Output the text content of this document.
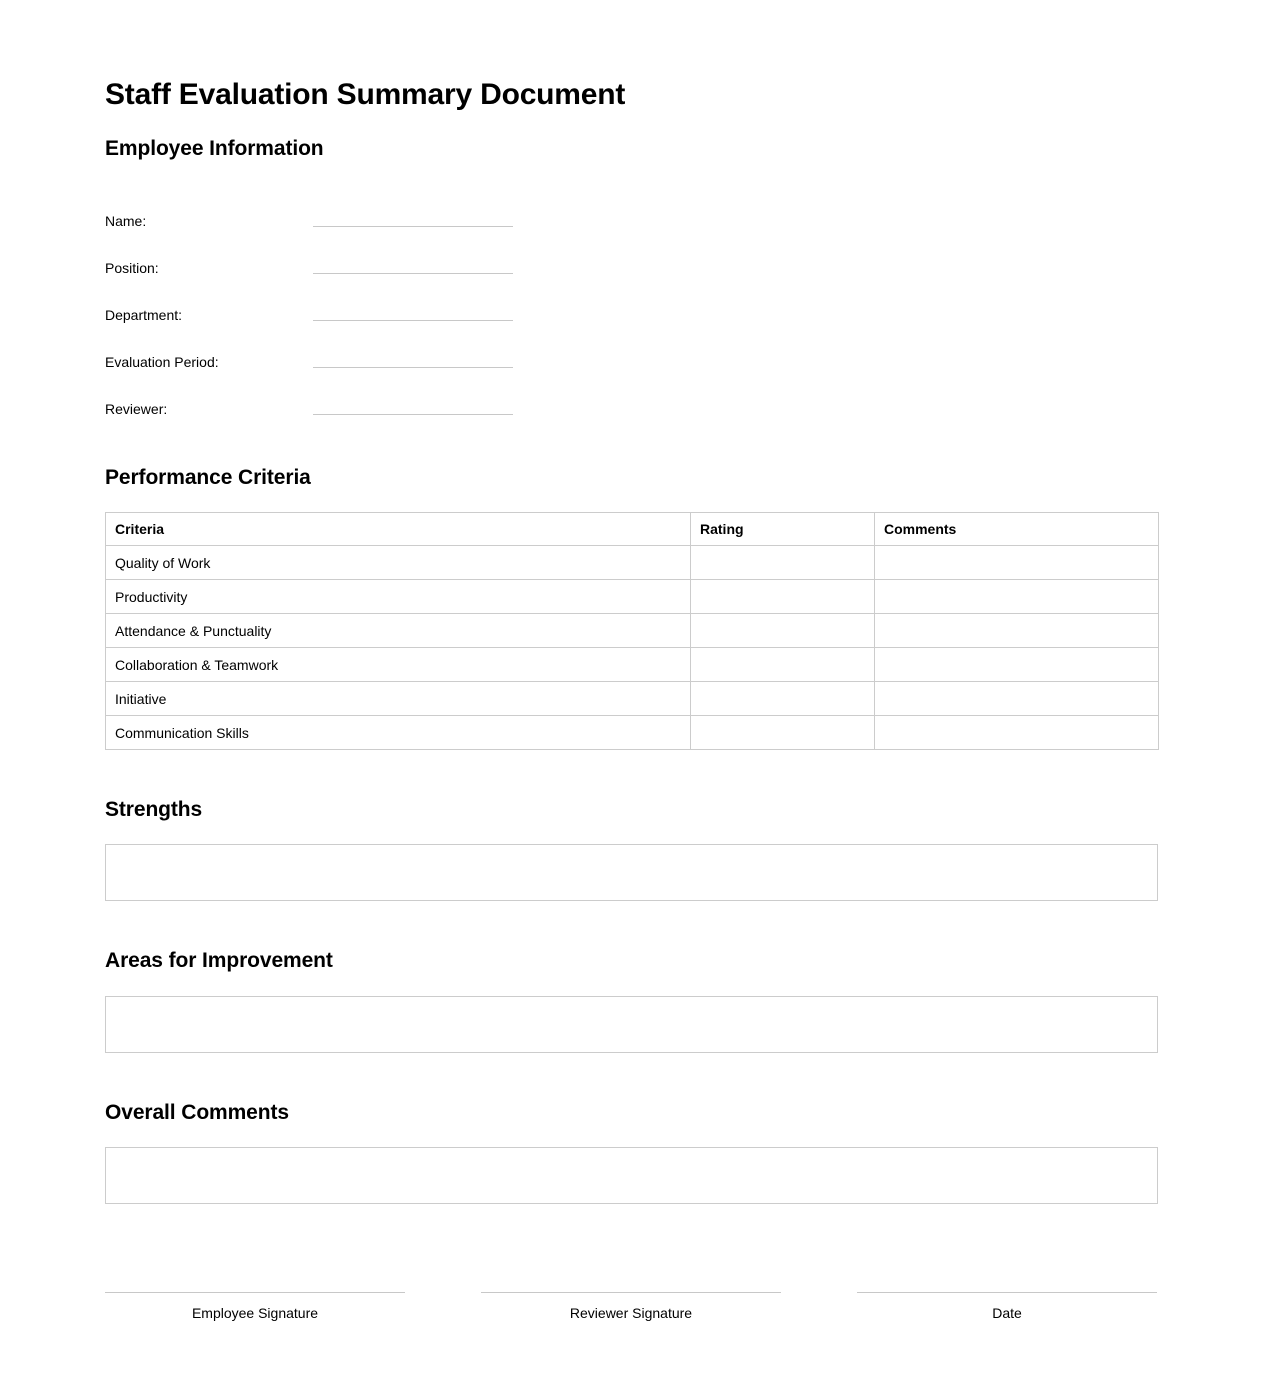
Staff Evaluation Summary Document
Employee Information
Name:
Position:
Department:
Evaluation Period:
Reviewer:
Performance Criteria
Criteria	Rating	Comments
Quality of Work		
Productivity		
Attendance & Punctuality		
Collaboration & Teamwork		
Initiative		
Communication Skills		
Strengths
Areas for Improvement
Overall Comments
Employee Signature	Reviewer Signature	Date
